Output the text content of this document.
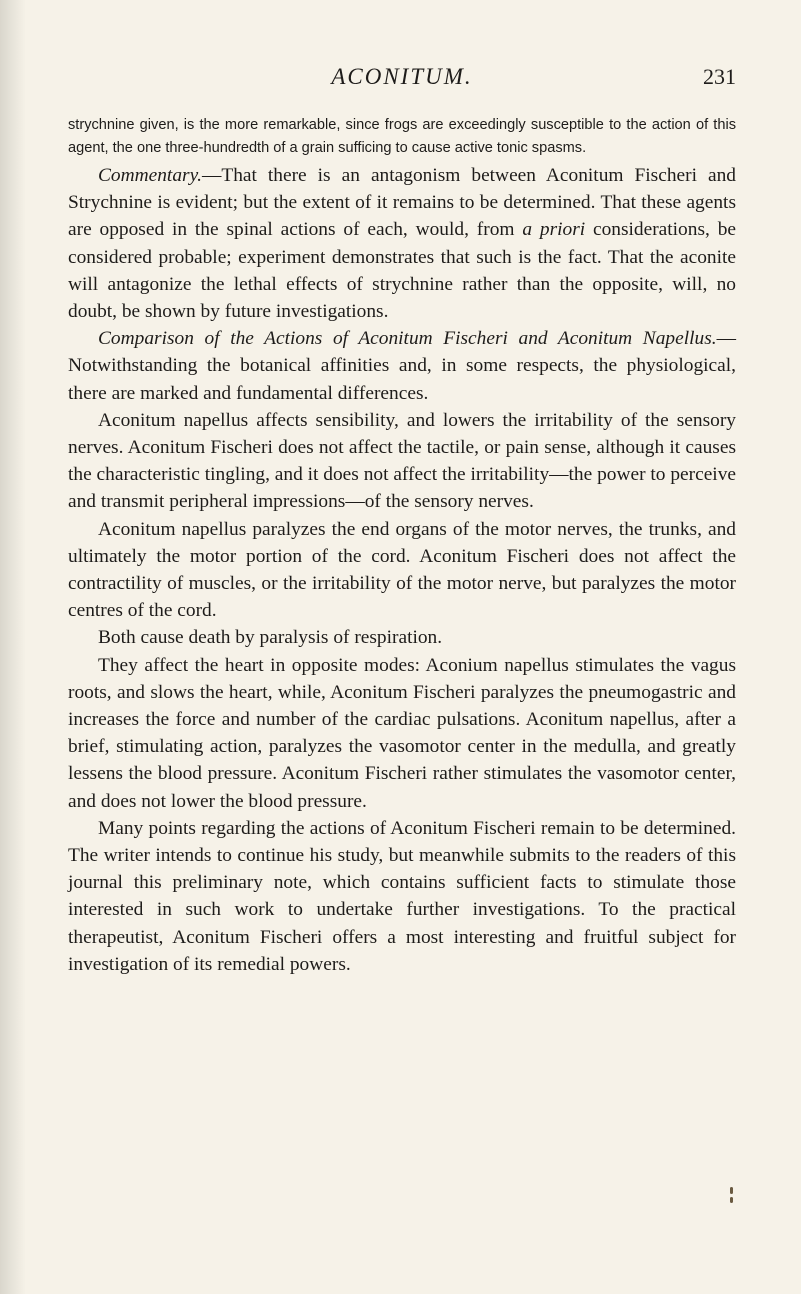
ACONITUM.	231

strychnine given, is the more remarkable, since frogs are exceedingly susceptible to the action of this agent, the one three-hundredth of a grain sufficing to cause active tonic spasms.

Commentary.—That there is an antagonism between Aconitum Fischeri and Strychnine is evident; but the extent of it remains to be determined. That these agents are opposed in the spinal actions of each, would, from a priori considerations, be considered probable; experiment demonstrates that such is the fact. That the aconite will antagonize the lethal effects of strychnine rather than the opposite, will, no doubt, be shown by future investigations.

Comparison of the Actions of Aconitum Fischeri and Aconitum Napellus.— Notwithstanding the botanical affinities and, in some respects, the physiological, there are marked and fundamental differences.

Aconitum napellus affects sensibility, and lowers the irritability of the sensory nerves. Aconitum Fischeri does not affect the tactile, or pain sense, although it causes the characteristic tingling, and it does not affect the irritability—the power to perceive and transmit peripheral impressions—of the sensory nerves.

Aconitum napellus paralyzes the end organs of the motor nerves, the trunks, and ultimately the motor portion of the cord. Aconitum Fischeri does not affect the contractility of muscles, or the irritability of the motor nerve, but paralyzes the motor centres of the cord.

Both cause death by paralysis of respiration.

They affect the heart in opposite modes: Aconium napellus stimulates the vagus roots, and slows the heart, while, Aconitum Fischeri paralyzes the pneumogastric and increases the force and number of the cardiac pulsations. Aconitum napellus, after a brief, stimulating action, paralyzes the vasomotor center in the medulla, and greatly lessens the blood pressure. Aconitum Fischeri rather stimulates the vasomotor center, and does not lower the blood pressure.

Many points regarding the actions of Aconitum Fischeri remain to be determined. The writer intends to continue his study, but meanwhile submits to the readers of this journal this preliminary note, which contains sufficient facts to stimulate those interested in such work to undertake further investigations. To the practical therapeutist, Aconitum Fischeri offers a most interesting and fruitful subject for investigation of its remedial powers.
